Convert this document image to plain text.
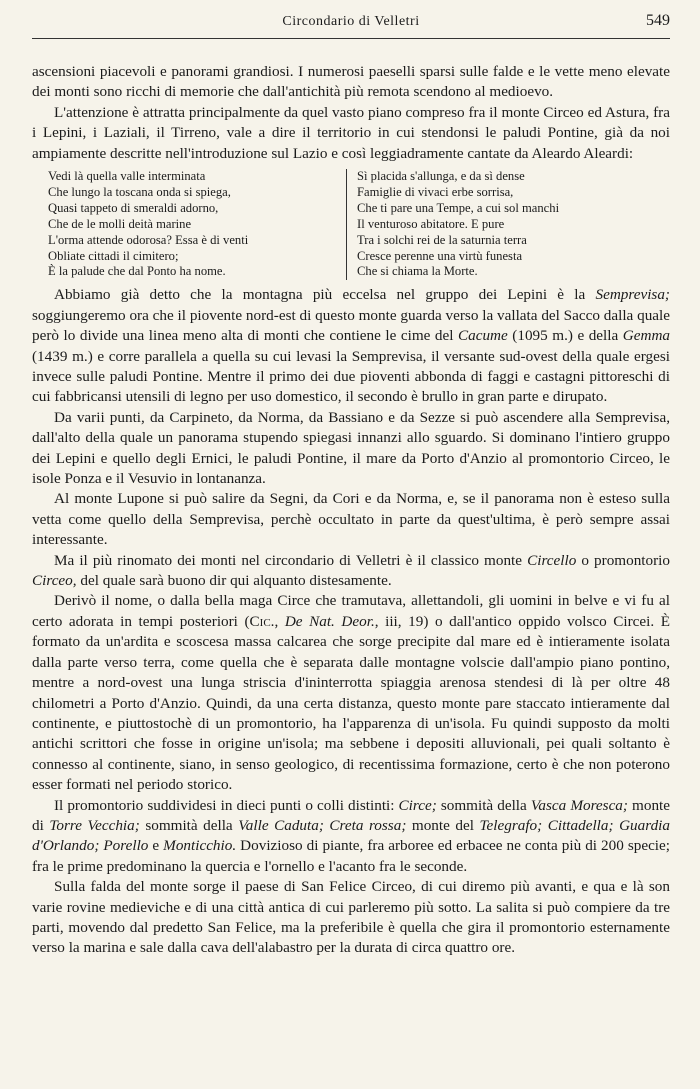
Circondario di Velletri	549

ascensioni piacevoli e panorami grandiosi. I numerosi paeselli sparsi sulle falde e le vette meno elevate dei monti sono ricchi di memorie che dall'antichità più remota scendono al medioevo.

L'attenzione è attratta principalmente da quel vasto piano compreso fra il monte Circeo ed Astura, fra i Lepini, i Laziali, il Tirreno, vale a dire il territorio in cui stendonsi le paludi Pontine, già da noi ampiamente descritte nell'introduzione sul Lazio e così leggiadramente cantate da Aleardo Aleardi:

Vedi là quella valle interminata
Che lungo la toscana onda si spiega,
Quasi tappeto di smeraldi adorno,
Che de le molli deità marine
L'orma attende odorosa? Essa è di venti
Obliate cittadi il cimitero;
È la palude che dal Ponto ha nome.
Sì placida s'allunga, e da sì dense
Famiglie di vivaci erbe sorrisa,
Che ti pare una Tempe, a cui sol manchi
Il venturoso abitatore. E pure
Tra i solchi rei de la saturnia terra
Cresce perenne una virtù funesta
Che si chiama la Morte.

Abbiamo già detto che la montagna più eccelsa nel gruppo dei Lepini è la Semprevisa; soggiungeremo ora che il piovente nord-est di questo monte guarda verso la vallata del Sacco dalla quale però lo divide una linea meno alta di monti che contiene le cime del Cacume (1095 m.) e della Gemma (1439 m.) e corre parallela a quella su cui levasi la Semprevisa, il versante sud-ovest della quale ergesi invece sulle paludi Pontine. Mentre il primo dei due pioventi abbonda di faggi e castagni pittoreschi di cui fabbricansi utensili di legno per uso domestico, il secondo è brullo in gran parte e dirupato.

Da varii punti, da Carpineto, da Norma, da Bassiano e da Sezze si può ascendere alla Semprevisa, dall'alto della quale un panorama stupendo spiegasi innanzi allo sguardo. Si dominano l'intiero gruppo dei Lepini e quello degli Ernici, le paludi Pontine, il mare da Porto d'Anzio al promontorio Circeo, le isole Ponza e il Vesuvio in lontananza.

Al monte Lupone si può salire da Segni, da Cori e da Norma, e, se il panorama non è esteso sulla vetta come quello della Semprevisa, perchè occultato in parte da quest'ultima, è però sempre assai interessante.

Ma il più rinomato dei monti nel circondario di Velletri è il classico monte Circello o promontorio Circeo, del quale sarà buono dir qui alquanto distesamente.

Derivò il nome, o dalla bella maga Circe che tramutava, allettandoli, gli uomini in belve e vi fu al certo adorata in tempi posteriori (Cic., De Nat. Deor., iii, 19) o dall'antico oppido volsco Circei. È formato da un'ardita e scoscesa massa calcarea che sorge precipite dal mare ed è intieramente isolata dalla parte verso terra, come quella che è separata dalle montagne volscie dall'ampio piano pontino, mentre a nord-ovest una lunga striscia d'ininterrotta spiaggia arenosa stendesi di là per oltre 48 chilometri a Porto d'Anzio. Quindi, da una certa distanza, questo monte pare staccato intieramente dal continente, e piuttostochè di un promontorio, ha l'apparenza di un'isola. Fu quindi supposto da molti antichi scrittori che fosse in origine un'isola; ma sebbene i depositi alluvionali, pei quali soltanto è connesso al continente, siano, in senso geologico, di recentissima formazione, certo è che non poterono esser formati nel periodo storico.

Il promontorio suddividesi in dieci punti o colli distinti: Circe; sommità della Vasca Moresca; monte di Torre Vecchia; sommità della Valle Caduta; Creta rossa; monte del Telegrafo; Cittadella; Guardia d'Orlando; Porello e Monticchio. Dovizioso di piante, fra arboree ed erbacee ne conta più di 200 specie; fra le prime predominano la quercia e l'ornello e l'acanto fra le seconde.

Sulla falda del monte sorge il paese di San Felice Circeo, di cui diremo più avanti, e qua e là son varie rovine medieviche e di una città antica di cui parleremo più sotto. La salita si può compiere da tre parti, movendo dal predetto San Felice, ma la preferibile è quella che gira il promontorio esternamente verso la marina e sale dalla cava dell'alabastro per la durata di circa quattro ore.
